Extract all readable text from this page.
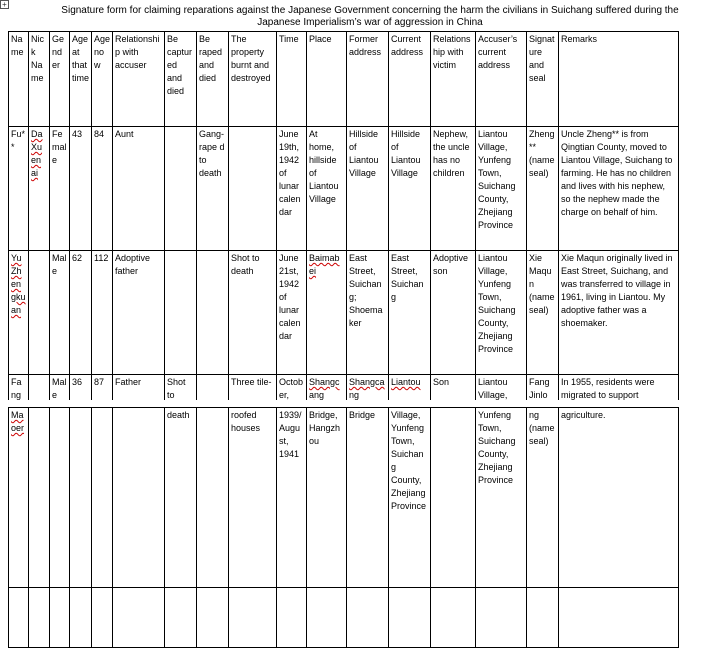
+
Signature form for claiming reparations against the Japanese Government concerning the harm the civilians in Suichang suffered during the Japanese Imperialism’s war of aggression in China
Name	Nick Name	Gender	Age at that time	Age now	Relationship with accuser	Be captured and died	Be raped and died	The property burnt and destroyed	Time	Place	Former address	Current address	Relationship with victim	Accuser’s current address	Signature and seal	Remarks
Fu**	Da Xu en ai	Female	43	84	Aunt		Gang-rape d to death		June 19th, 1942 of lunar calendar	At home, hillside of Liantou Village	Hillside of Liantou Village	Hillside of Liantou Village	Nephew, the uncle has no children	Liantou Village, Yunfeng Town, Suichang County, Zhejiang Province	Zheng** (name seal)	Uncle Zheng** is from Qingtian County, moved to Liantou Village, Suichang to farming. He has no children and lives with his nephew, so the nephew made the charge on behalf of him.
Yu Zhengkuan		Male	62	112	Adoptive father			Shot to death	June 21st, 1942 of lunar calendar	Baimabei	East Street, Suichang; Shoemaker	East Street, Suichang	Adoptive son	Liantou Village, Yunfeng Town, Suichang County, Zhejiang Province	Xie Maqun (name seal)	Xie Maqun originally lived in East Street, Suichang, and was transferred to village in 1961, living in Liantou. My adoptive father was a shoemaker.
Fang		Male	36	87	Father	Shot to		Three tile-	October,	Shangcang	Shangcang	Liantou	Son	Liantou Village,	Fang Jinlo	In 1955, residents were migrated to support
Maoer						death		roofed houses	1939/August, 1941	Bridge, Hangzhou	Bridge	Village, Yunfeng Town, Suichang County, Zhejiang Province		Yunfeng Town, Suichang County, Zhejiang Province	ng (name seal)	agriculture.
